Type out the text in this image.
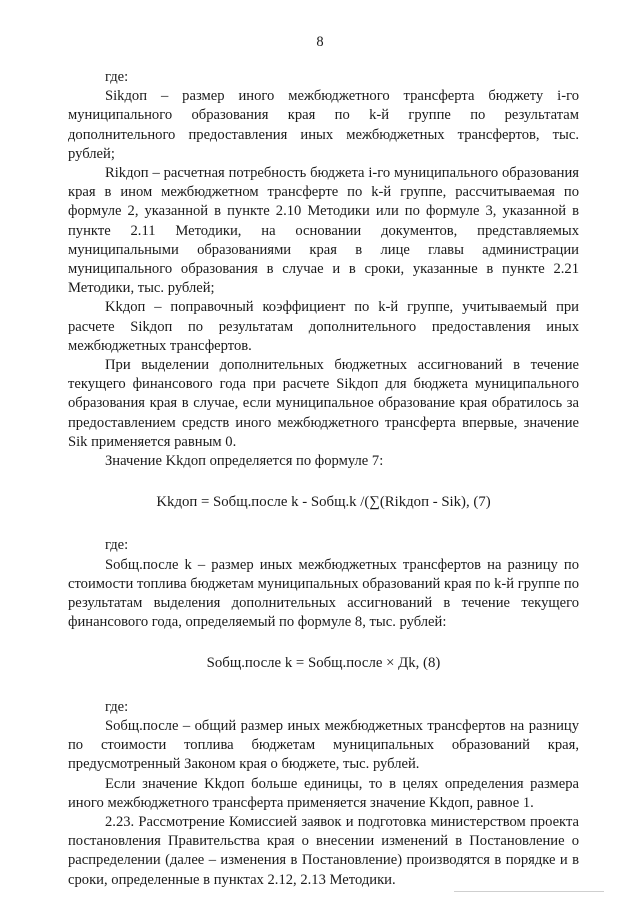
8

где:

Sikдоп – размер иного межбюджетного трансферта бюджету i-го муниципального образования края по k-й группе по результатам дополнительного предоставления иных межбюджетных трансфертов, тыс. рублей;

Rikдоп – расчетная потребность бюджета i-го муниципального образования края в ином межбюджетном трансферте по k-й группе, рассчитываемая по формуле 2, указанной в пункте 2.10 Методики или по формуле 3, указанной в пункте 2.11 Методики, на основании документов, представляемых муниципальными образованиями края в лице главы администрации муниципального образования в случае и в сроки, указанные в пункте 2.21 Методики, тыс. рублей;

Kkдоп – поправочный коэффициент по k-й группе, учитываемый при расчете Sikдоп по результатам дополнительного предоставления иных межбюджетных трансфертов.

При выделении дополнительных бюджетных ассигнований в течение текущего финансового года при расчете Sikдоп для бюджета муниципального образования края в случае, если муниципальное образование края обратилось за предоставлением средств иного межбюджетного трансферта впервые, значение Sik применяется равным 0.

Значение Kkдоп определяется по формуле 7:

Kkдоп = Sобщ.после k - Sобщ.k /(∑(Rikдоп - Sik), (7)

где:

Sобщ.после k – размер иных межбюджетных трансфертов на разницу по стоимости топлива бюджетам муниципальных образований края по k-й группе по результатам выделения дополнительных ассигнований в течение текущего финансового года, определяемый по формуле 8, тыс. рублей:

Sобщ.после k = Sобщ.после × Дk, (8)

где:

Sобщ.после – общий размер иных межбюджетных трансфертов на разницу по стоимости топлива бюджетам муниципальных образований края, предусмотренный Законом края о бюджете, тыс. рублей.

Если значение Kkдоп больше единицы, то в целях определения размера иного межбюджетного трансферта применяется значение Kkдоп, равное 1.

2.23. Рассмотрение Комиссией заявок и подготовка министерством проекта постановления Правительства края о внесении изменений в Постановление о распределении (далее – изменения в Постановление) производятся в порядке и в сроки, определенные в пунктах 2.12, 2.13 Методики.
